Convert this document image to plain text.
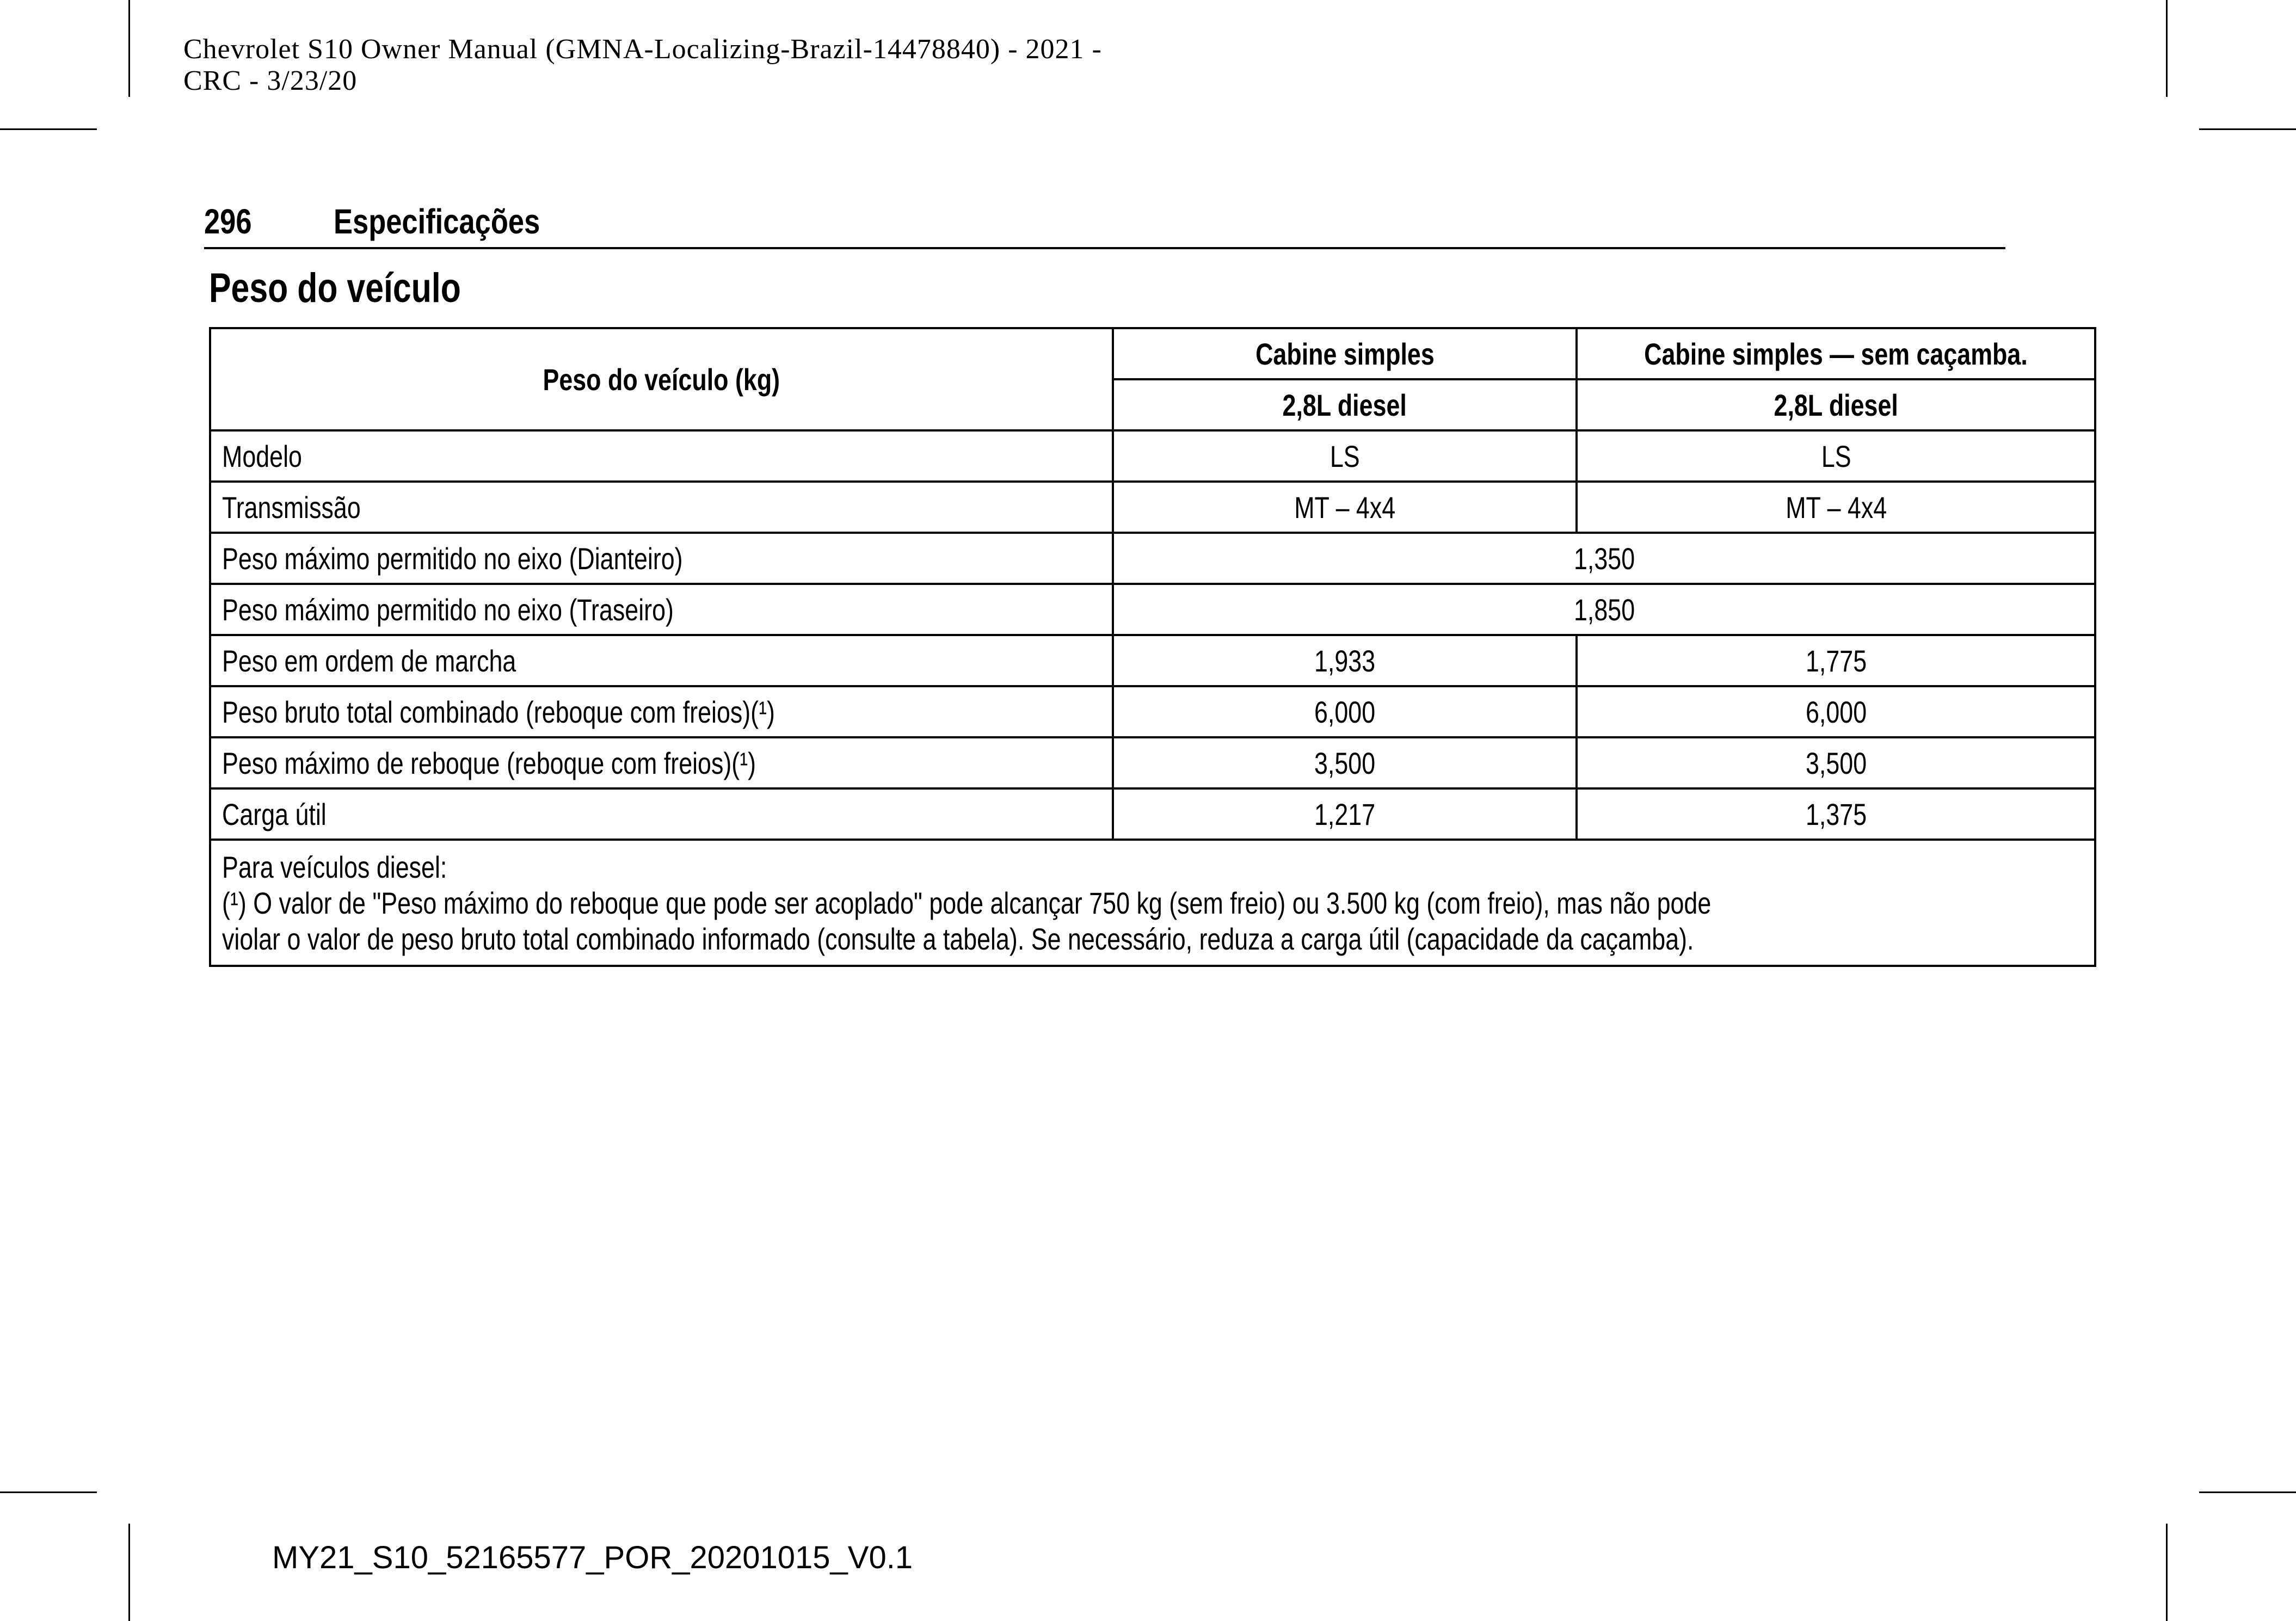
Chevrolet S10 Owner Manual (GMNA-Localizing-Brazil-14478840) - 2021 -
CRC - 3/23/20
296 Especificações
Peso do veículo
Peso do veículo (kg)	Cabine simples	Cabine simples — sem caçamba.
	2,8L diesel	2,8L diesel
Modelo	LS	LS
Transmissão	MT – 4x4	MT – 4x4
Peso máximo permitido no eixo (Dianteiro)	1,350	
Peso máximo permitido no eixo (Traseiro)	1,850	
Peso em ordem de marcha	1,933	1,775
Peso bruto total combinado (reboque com freios)(¹)	6,000	6,000
Peso máximo de reboque (reboque com freios)(¹)	3,500	3,500
Carga útil	1,217	1,375

Para veículos diesel:
(¹) O valor de "Peso máximo do reboque que pode ser acoplado" pode alcançar 750 kg (sem freio) ou 3.500 kg (com freio), mas não pode
violar o valor de peso bruto total combinado informado (consulte a tabela). Se necessário, reduza a carga útil (capacidade da caçamba).		
MY21_S10_52165577_POR_20201015_V0.1
